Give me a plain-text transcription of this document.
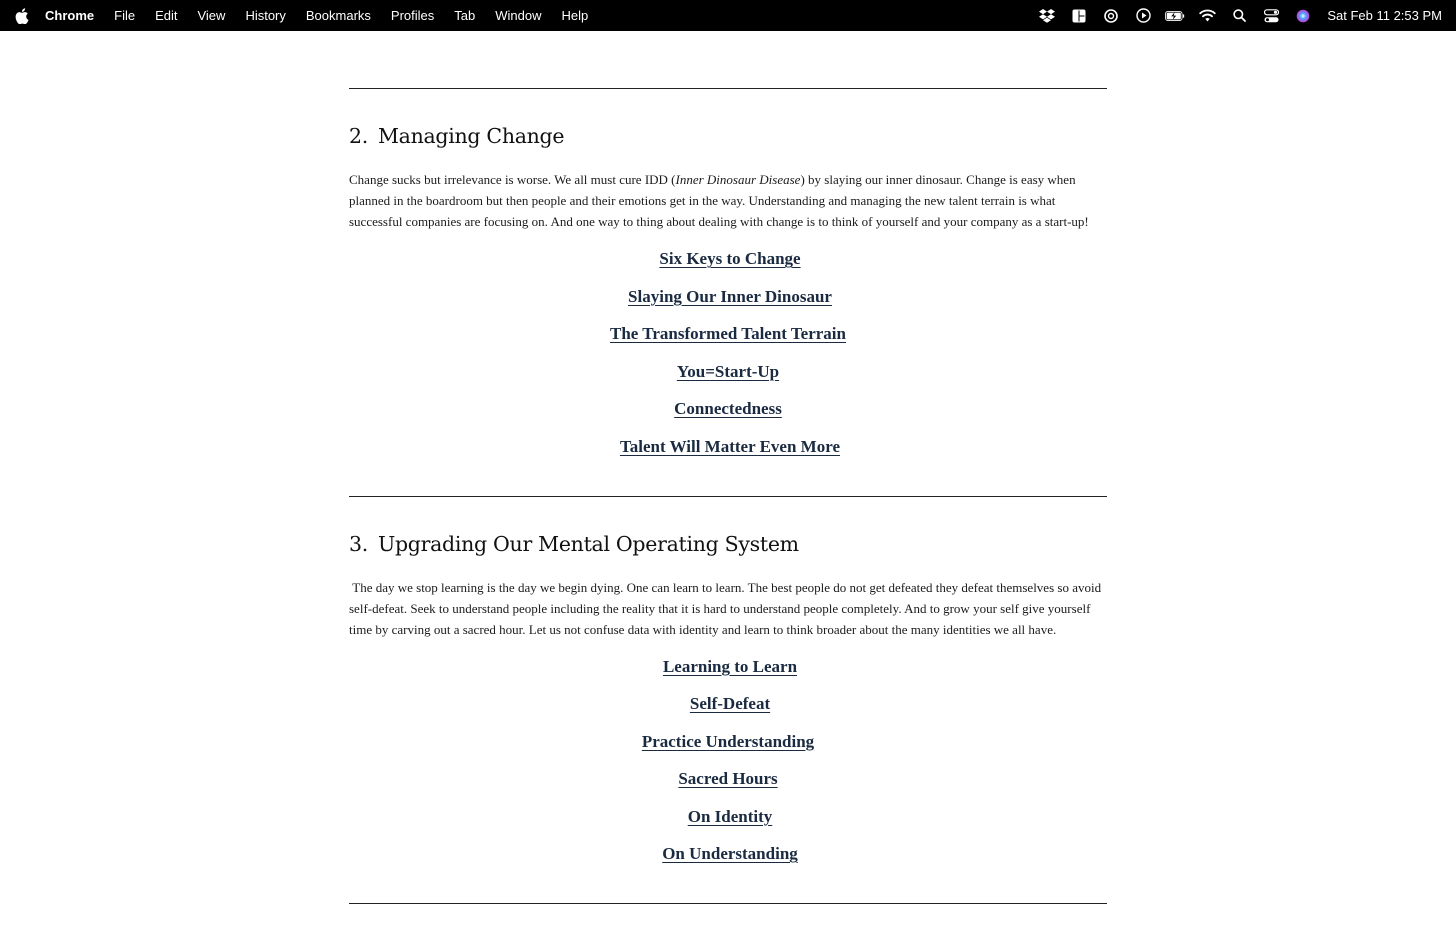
Chrome File Edit View History Bookmarks Profiles Tab Window Help	Sat Feb 11 2:53 PM
2. Managing Change

Change sucks but irrelevance is worse. We all must cure IDD (Inner Dinosaur Disease) by slaying our inner dinosaur. Change is easy when planned in the boardroom but then people and their emotions get in the way. Understanding and managing the new talent terrain is what successful companies are focusing on. And one way to thing about dealing with change is to think of yourself and your company as a start-up!

Six Keys to Change
Slaying Our Inner Dinosaur
The Transformed Talent Terrain
You=Start-Up
Connectedness
Talent Will Matter Even More
3. Upgrading Our Mental Operating System

The day we stop learning is the day we begin dying. One can learn to learn. The best people do not get defeated they defeat themselves so avoid self-defeat. Seek to understand people including the reality that it is hard to understand people completely. And to grow your self give yourself time by carving out a sacred hour. Let us not confuse data with identity and learn to think broader about the many identities we all have.

Learning to Learn
Self-Defeat
Practice Understanding
Sacred Hours
On Identity
On Understanding
